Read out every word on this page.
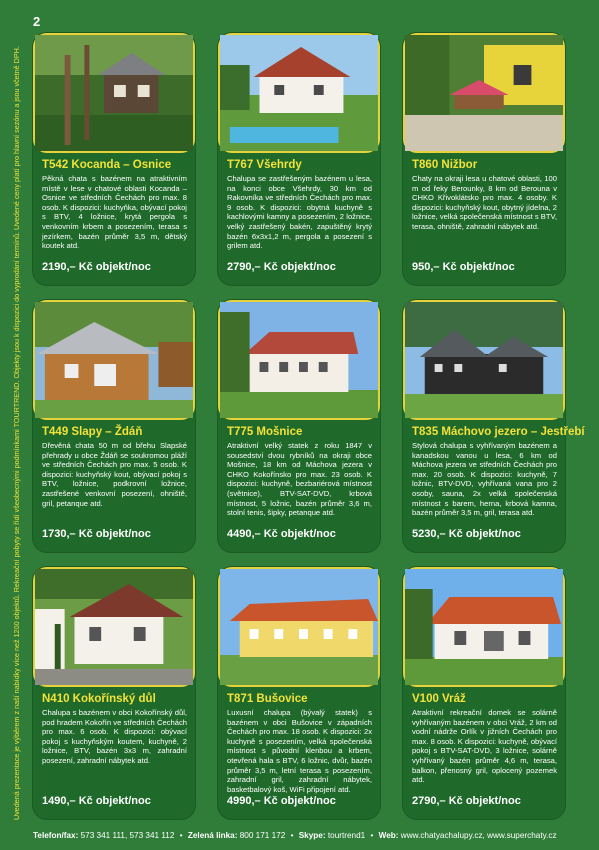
2
Uvedená prezentace je výběrem z naší nabídky více než 1200 objektů. Rekreační pobyty se řídí všeobecnými podmínkami TOURTREND. Objekty jsou k dispozici do vyprodání termínů. Uvedené ceny platí pro hlavní sezónu a jsou včetně DPH. T542 Kocanda – Osnice
Pěkná chata s bazénem na atraktivním místě v lese v chatové oblasti Kocanda – Osnice ve středních Čechách pro max. 8 osob. K dispozici: kuchyňka, obývací pokoj s BTV, 4 ložnice, krytá pergola s venkovním krbem a posezením, terasa s jezírkem, bazén průměr 3,5 m, dětský koutek atd.
2190,– Kč objekt/noc
T767 Všehrdy
Chalupa se zastřešeným bazénem u lesa, na konci obce Všehrdy, 30 km od Rakovníka ve středních Čechách pro max. 9 osob. K dispozici: obytná kuchyně s kachlovými kamny a posezením, 2 ložnice, velký zastřešený bakén, zapuštěný krytý bazén 6x3x1,2 m, pergola a posezení s grilem atd.
2790,– Kč objekt/noc
T860 Nižbor
Chaty na okraji lesa u chatové oblasti, 100 m od řeky Berounky, 8 km od Berouna v CHKO Křivoklátsko pro max. 4 osoby. K dispozici: kuchyňský kout, obytný jídelna, 2 ložnice, velká společenská místnost s BTV, terasa, ohniště, zahradní nábytek atd.
950,– Kč objekt/noc
T449 Slapy – Ždáň
Dřevěná chata 50 m od břehu Slapské přehrady u obce Ždáň se soukromou pláží ve středních Čechách pro max. 5 osob. K dispozici: kuchyňský kout, obývací pokoj s BTV, ložnice, podkrovní ložnice, zastřešené venkovní posezení, ohniště, gril, petanque atd.
1730,– Kč objekt/noc
T775 Mošnice
Atraktivní velký statek z roku 1847 v sousedství dvou rybníků na okraji obce Mošnice, 18 km od Máchova jezera v CHKO Kokořínsko pro max. 23 osob. K dispozici: kuchyně, bezbariérová místnost (světnice), BTV-SAT-DVD, krbová místnost, 5 ložnic, bazén průměr 3,6 m, stolní tenis, šipky, petanque atd.
4490,– Kč objekt/noc
T835 Máchovo jezero – Jestřebí
Stylová chalupa s vyhřívaným bazénem a kanadskou vanou u lesa, 6 km od Máchova jezera ve středních Čechách pro max. 20 osob. K dispozici: kuchyně, 7 ložnic, BTV-DVD, vyhřívaná vana pro 2 osoby, sauna, 2x velká společenská místnost s barem, herna, krbová kamna, bazén průměr 3,5 m, gril, terasa atd.
5230,– Kč objekt/noc
N410 Kokořínský důl
Chalupa s bazénem v obci Kokořínský důl, pod hradem Kokořín ve středních Čechách pro max. 6 osob. K dispozici: obývací pokoj s kuchyňským koutem, kuchyně, 2 ložnice, BTV, bazén 3x3 m, zahradní posezení, zahradní nábytek atd.
1490,– Kč objekt/noc
T871 Bušovice
Luxusní chalupa (bývalý statek) s bazénem v obci Bušovice v západních Čechách pro max. 18 osob. K dispozici: 2x kuchyně s posezením, velká společenská místnost s původní klenbou a krbem, otevřená hala s BTV, 6 ložnic, dvůr, bazén průměr 3,5 m, letní terasa s posezením, zahradní gril, zahradní nábytek, basketbalový koš, WiFi připojení atd.
4990,– Kč objekt/noc
V100 Vráž
Atraktivní rekreační domek se solárně vyhřívaným bazénem v obci Vráž, 2 km od vodní nádrže Orlík v jižních Čechách pro max. 8 osob. K dispozici: kuchyně, obývací pokoj s BTV-SAT-DVD, 3 ložnice, solárně vyhřívaný bazén průměr 4,6 m, terasa, balkon, přenosný gril, oplocený pozemek atd.
2790,– Kč objekt/noc
Telefon/fax: 573 341 111, 573 341 112 • Zelená linka: 800 171 172 • Skype: tourtrend1 • Web: www.chatyachalupy.cz, www.superchaty.cz
